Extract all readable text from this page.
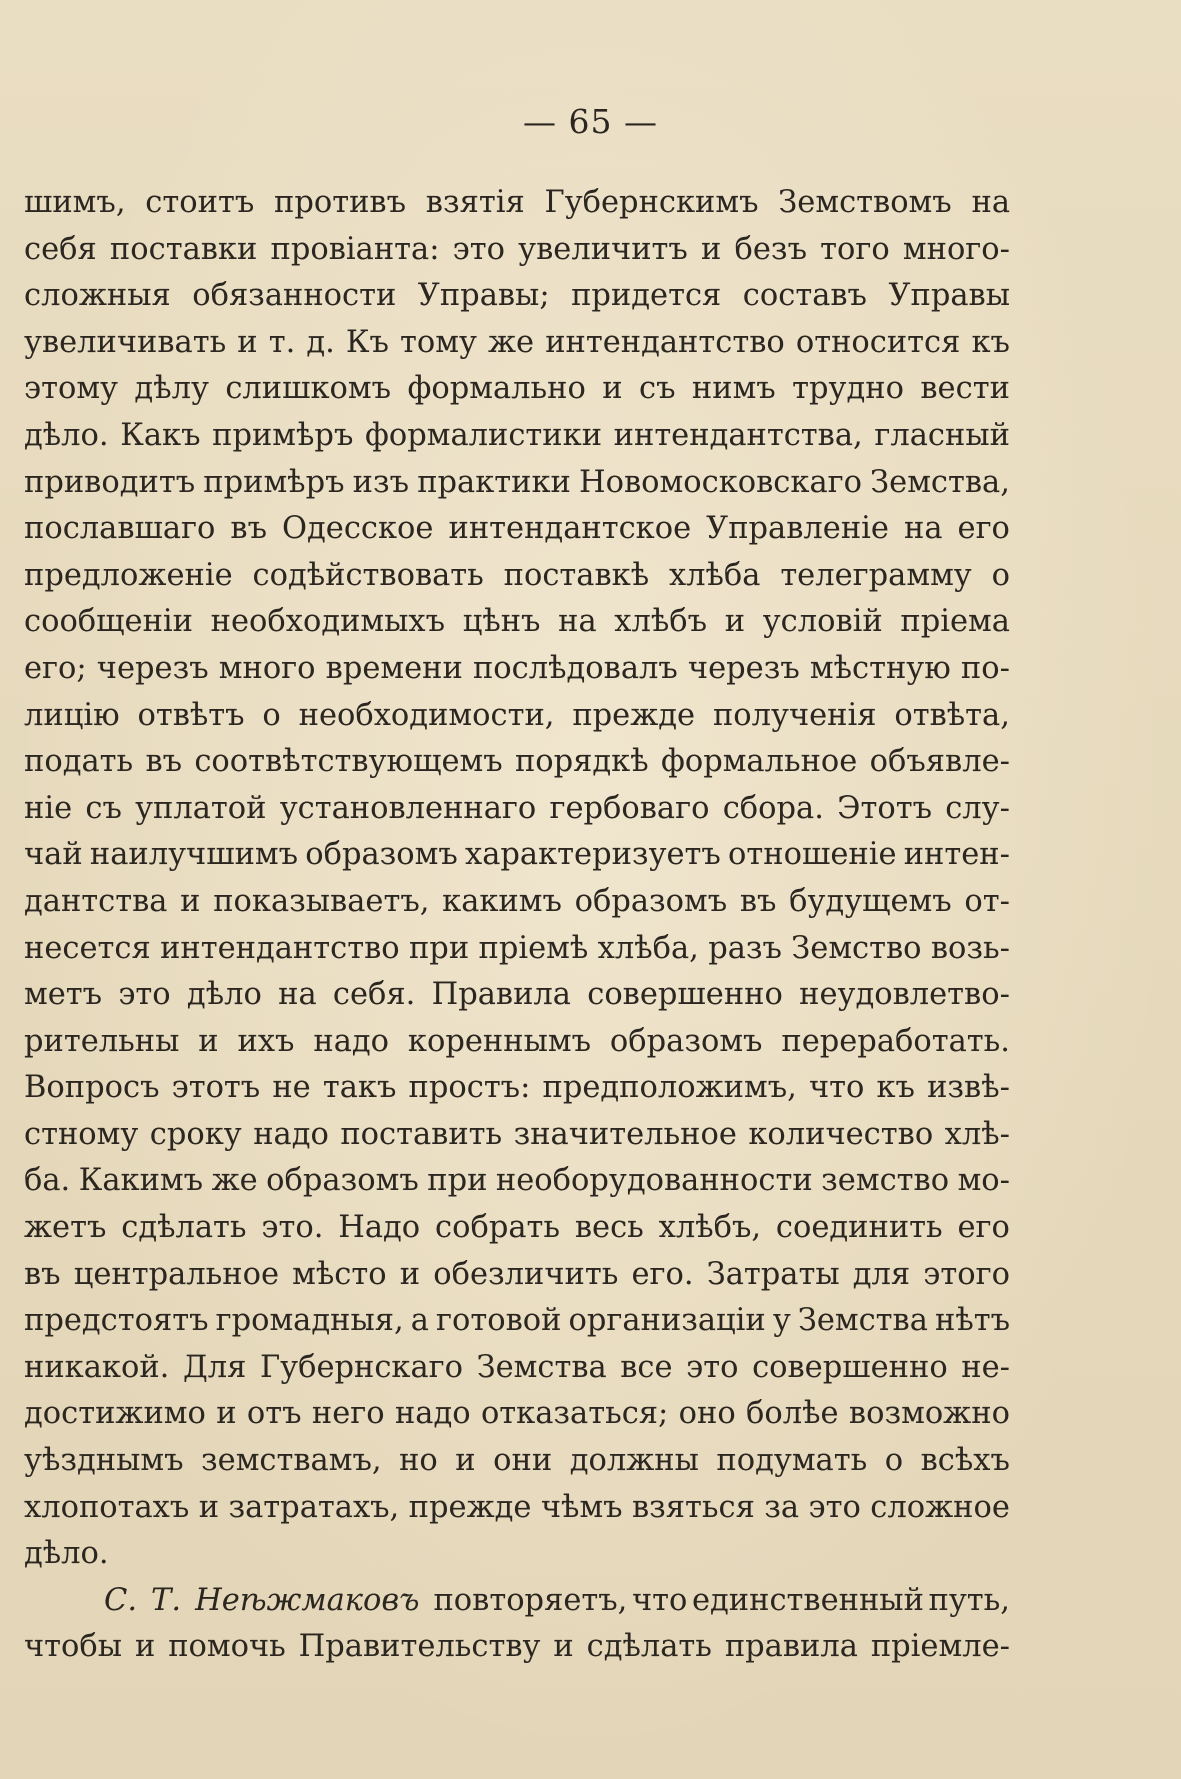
— 65 —
шимъ, стоитъ противъ взятія Губернскимъ Земствомъ на
себя поставки провіанта: это увеличитъ и безъ того много-
сложныя обязанности Управы; придется составъ Управы
увеличивать и т. д. Къ тому же интендантство относится къ
этому дѣлу слишкомъ формально и съ нимъ трудно вести
дѣло. Какъ примѣръ формалистики интендантства, гласный
приводитъ примѣръ изъ практики Новомосковскаго Земства,
пославшаго въ Одесское интендантское Управленіе на его
предложеніе содѣйствовать поставкѣ хлѣба телеграмму о
сообщеніи необходимыхъ цѣнъ на хлѣбъ и условій пріема
его; черезъ много времени послѣдовалъ черезъ мѣстную по-
лицію отвѣтъ о необходимости, прежде полученія отвѣта,
подать въ соотвѣтствующемъ порядкѣ формальное объявле-
ніе съ уплатой установленнаго гербоваго сбора. Этотъ слу-
чай наилучшимъ образомъ характеризуетъ отношеніе интен-
дантства и показываетъ, какимъ образомъ въ будущемъ от-
несется интендантство при пріемѣ хлѣба, разъ Земство возь-
метъ это дѣло на себя. Правила совершенно неудовлетво-
рительны и ихъ надо кореннымъ образомъ переработать.
Вопросъ этотъ не такъ простъ: предположимъ, что къ извѣ-
стному сроку надо поставить значительное количество хлѣ-
ба. Какимъ же образомъ при необорудованности земство мо-
жетъ сдѣлать это. Надо собрать весь хлѣбъ, соединить его
въ центральное мѣсто и обезличить его. Затраты для этого
предстоятъ громадныя, а готовой организаціи у Земства нѣтъ
никакой. Для Губернскаго Земства все это совершенно не-
достижимо и отъ него надо отказаться; оно болѣе возможно
уѣзднымъ земствамъ, но и они должны подумать о всѣхъ
хлопотахъ и затратахъ, прежде чѣмъ взяться за это сложное
дѣло.
С. Т. Неѣжмаковъ повторяетъ, что единственный путь,
чтобы и помочь Правительству и сдѣлать правила пріемле-
